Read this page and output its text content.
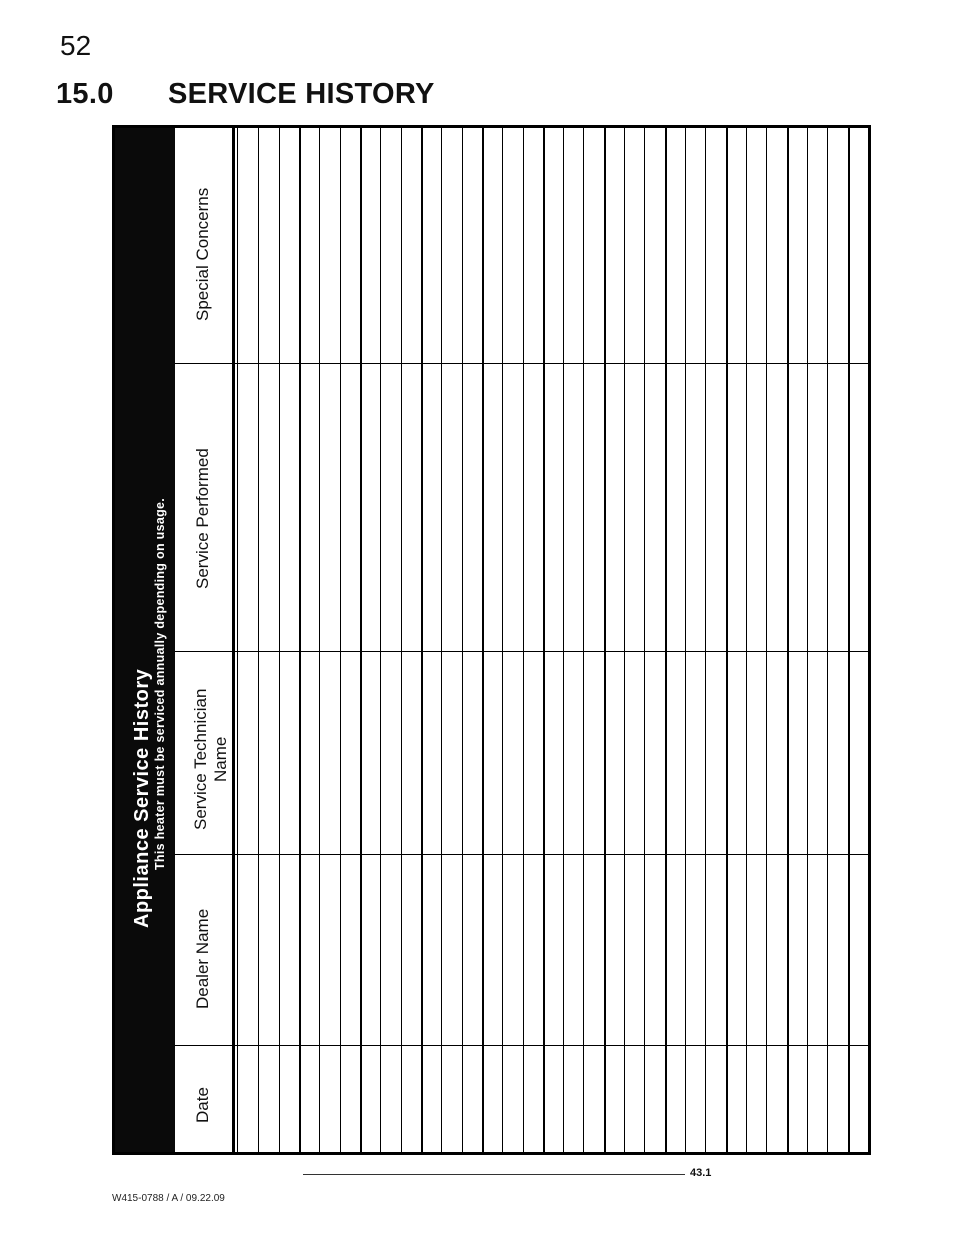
52
15.0 SERVICE HISTORY
Appliance Service History This heater must be serviced annually depending on usage.
Date
Dealer Name
Service Technician Name
Service Performed
Special Concerns
43.1
W415-0788 / A / 09.22.09
